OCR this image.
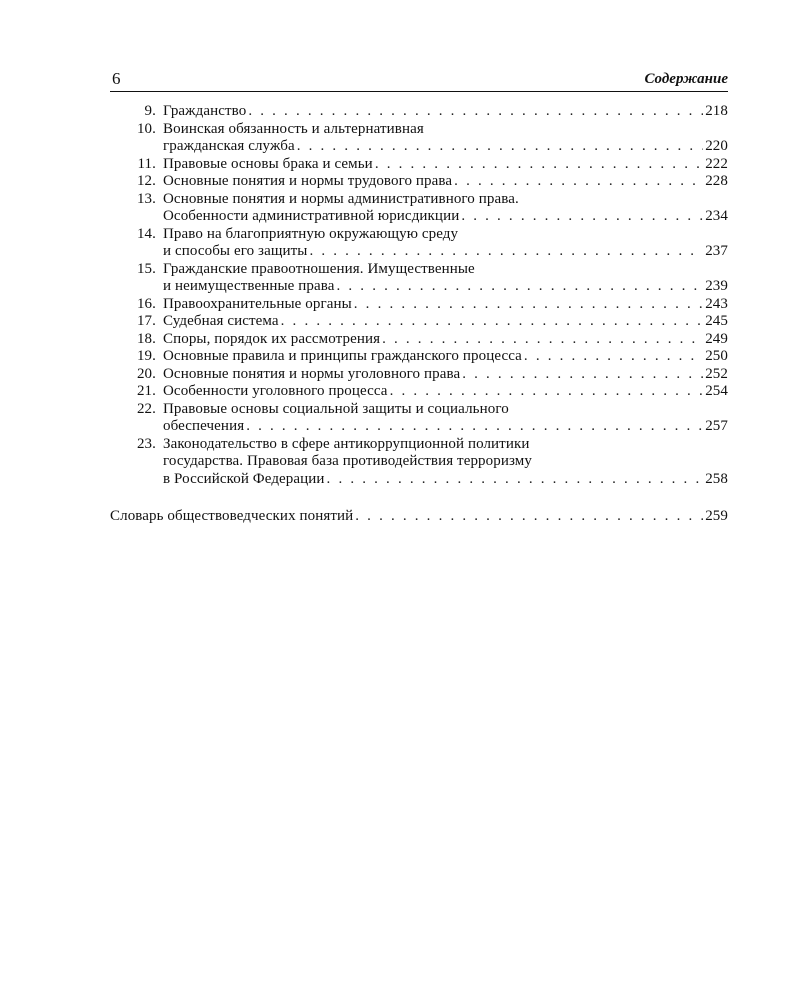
6	Содержание
9. Гражданство . . .	218
10. Воинская обязанность и альтернативная
гражданская служба . . .	220
11. Правовые основы брака и семьи . . .	222
12. Основные понятия и нормы трудового права . . .	228
13. Основные понятия и нормы административного права.
Особенности административной юрисдикции . . .	234
14. Право на благоприятную окружающую среду
и способы его защиты . . .	237
15. Гражданские правоотношения. Имущественные
и неимущественные права . . .	239
16. Правоохранительные органы . . .	243
17. Судебная система . . .	245
18. Споры, порядок их рассмотрения . . .	249
19. Основные правила и принципы гражданского процесса . . .	250
20. Основные понятия и нормы уголовного права . . .	252
21. Особенности уголовного процесса . . .	254
22. Правовые основы социальной защиты и социального
обеспечения . . .	257
23. Законодательство в сфере антикоррупционной политики
государства. Правовая база противодействия терроризму
в Российской Федерации . . .	258
Словарь обществоведческих понятий . . .	259
